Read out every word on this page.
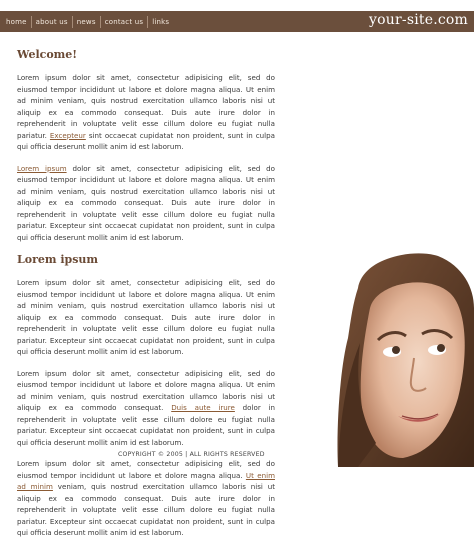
home	about us	news	contact us	links	your-site.com
Welcome!

Lorem ipsum dolor sit amet, consectetur adipisicing elit, sed do eiusmod tempor incididunt ut labore et dolore magna aliqua. Ut enim ad minim veniam, quis nostrud exercitation ullamco laboris nisi ut aliquip ex ea commodo consequat. Duis aute irure dolor in reprehenderit in voluptate velit esse cillum dolore eu fugiat nulla pariatur. Excepteur sint occaecat cupidatat non proident, sunt in culpa qui officia deserunt mollit anim id est laborum.

Lorem ipsum dolor sit amet, consectetur adipisicing elit, sed do eiusmod tempor incididunt ut labore et dolore magna aliqua. Ut enim ad minim veniam, quis nostrud exercitation ullamco laboris nisi ut aliquip ex ea commodo consequat. Duis aute irure dolor in reprehenderit in voluptate velit esse cillum dolore eu fugiat nulla pariatur. Excepteur sint occaecat cupidatat non proident, sunt in culpa qui officia deserunt mollit anim id est laborum.

Lorem ipsum

Lorem ipsum dolor sit amet, consectetur adipisicing elit, sed do eiusmod tempor incididunt ut labore et dolore magna aliqua. Ut enim ad minim veniam, quis nostrud exercitation ullamco laboris nisi ut aliquip ex ea commodo consequat. Duis aute irure dolor in reprehenderit in voluptate velit esse cillum dolore eu fugiat nulla pariatur. Excepteur sint occaecat cupidatat non proident, sunt in culpa qui officia deserunt mollit anim id est laborum.

Lorem ipsum dolor sit amet, consectetur adipisicing elit, sed do eiusmod tempor incididunt ut labore et dolore magna aliqua. Ut enim ad minim veniam, quis nostrud exercitation ullamco laboris nisi ut aliquip ex ea commodo consequat. Duis aute irure dolor in reprehenderit in voluptate velit esse cillum dolore eu fugiat nulla pariatur. Excepteur sint occaecat cupidatat non proident, sunt in culpa qui officia deserunt mollit anim id est laborum.

Lorem ipsum dolor sit amet, consectetur adipisicing elit, sed do eiusmod tempor incididunt ut labore et dolore magna aliqua. Ut enim ad minim veniam, quis nostrud exercitation ullamco laboris nisi ut aliquip ex ea commodo consequat. Duis aute irure dolor in reprehenderit in voluptate velit esse cillum dolore eu fugiat nulla pariatur. Excepteur sint occaecat cupidatat non proident, sunt in culpa qui officia deserunt mollit anim id est laborum.

COPYRIGHT © 2005 | ALL RIGHTS RESERVED
